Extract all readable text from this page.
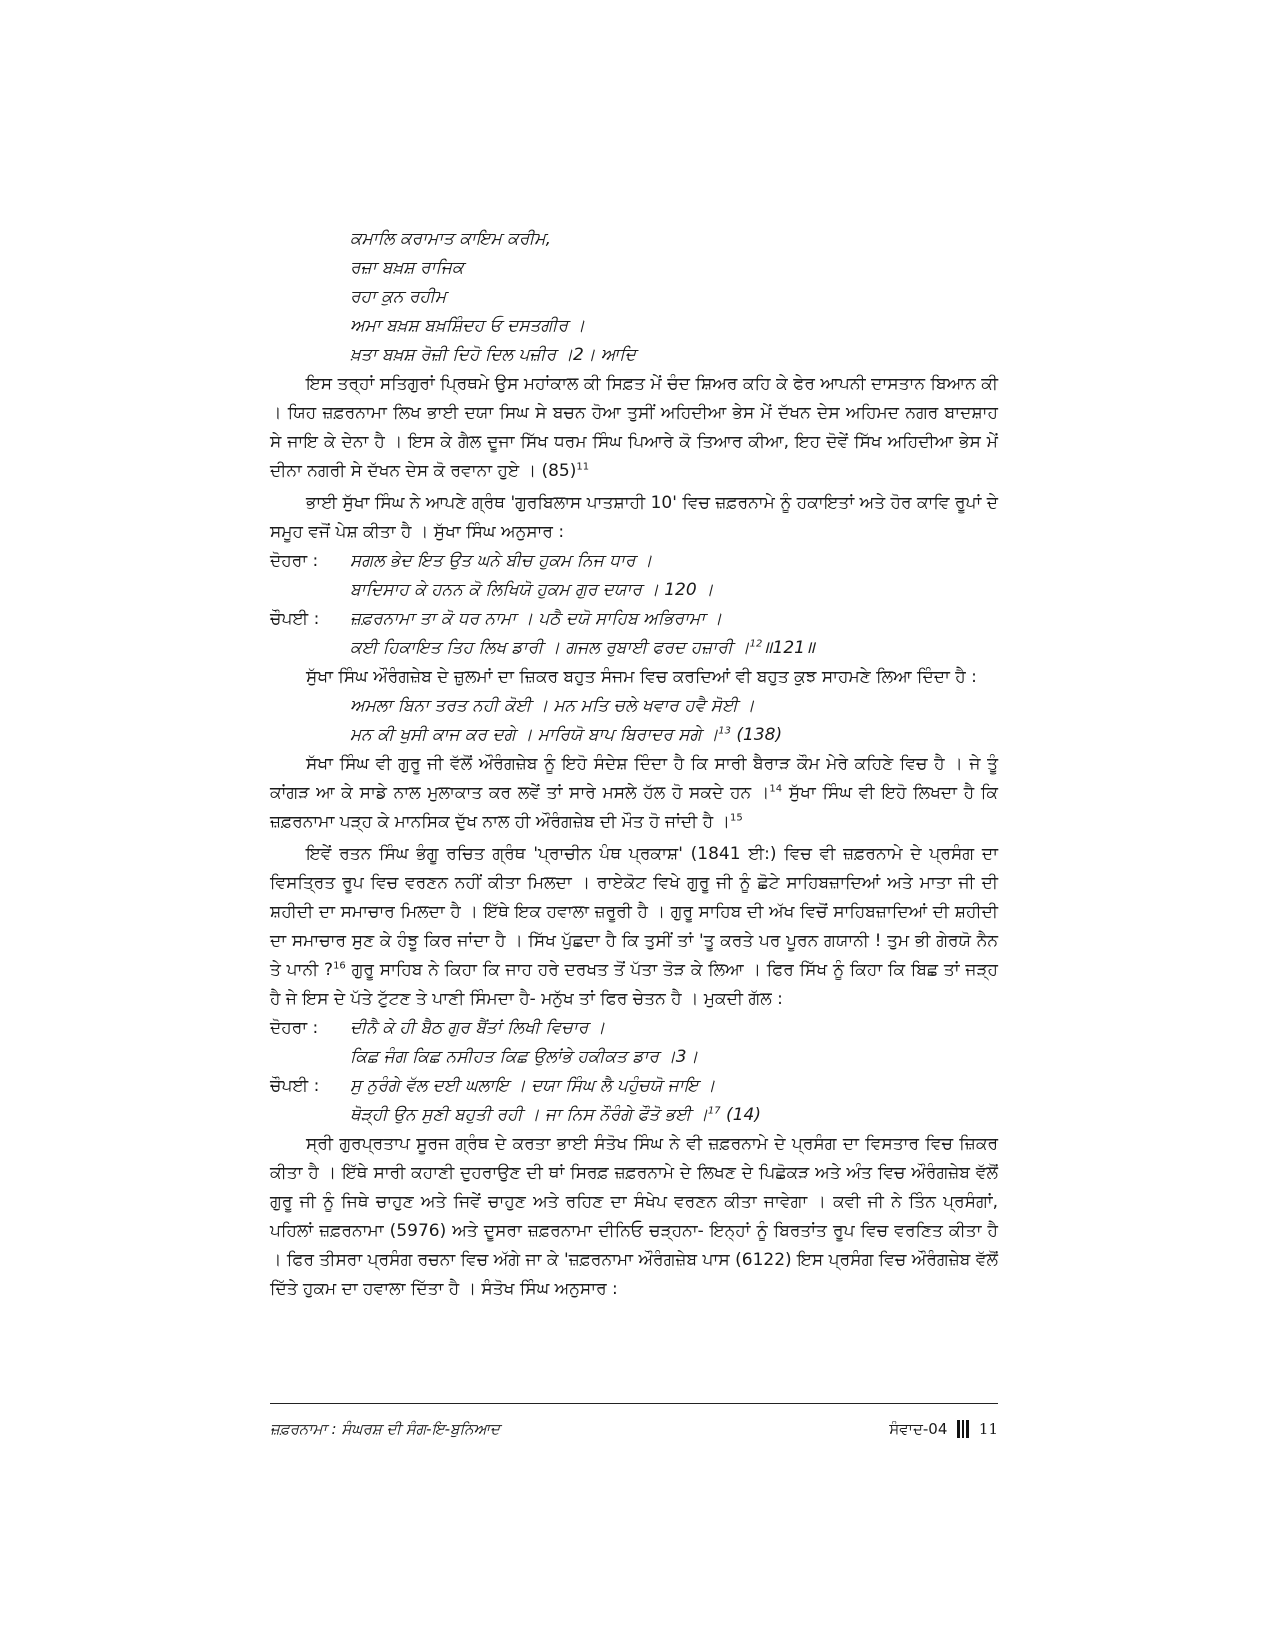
ਕਮਾਲਿ ਕਰਾਮਾਤ ਕਾਇਮ ਕਰੀਮ,
ਰਜ਼ਾ ਬਖ਼ਸ਼ ਰਾਜਿਕ
ਰਹਾ ਕੁਨ ਰਹੀਮ
ਅਮਾ ਬਖ਼ਸ਼ ਬਖ਼ਸ਼ਿੰਦਹ ਓ ਦਸਤਗੀਰ ।
ਖ਼ਤਾ ਬਖ਼ਸ਼ ਰੋਜ਼ੀ ਦਿਹੋ ਦਿਲ ਪਜ਼ੀਰ ।2। ਆਦਿ

ਇਸ ਤਰ੍ਹਾਂ ਸਤਿਗੁਰਾਂ ਪ੍ਰਿਥਮੇ ਉਸ ਮਹਾਂਕਾਲ ਕੀ ਸਿਫ਼ਤ ਮੇਂ ਚੰਦ ਸ਼ਿਅਰ ਕਹਿ ਕੇ ਫੇਰ ਆਪਨੀ ਦਾਸਤਾਨ ਬਿਆਨ ਕੀ । ਯਿਹ ਜ਼ਫ਼ਰਨਾਮਾ ਲਿਖ ਭਾਈ ਦਯਾ ਸਿਘ ਸੇ ਬਚਨ ਹੋਆ ਤੁਸੀਂ ਅਹਿਦੀਆ ਭੇਸ ਮੇਂ ਦੱਖਨ ਦੇਸ ਅਹਿਮਦ ਨਗਰ ਬਾਦਸ਼ਾਹ ਸੇ ਜਾਇ ਕੇ ਦੇਨਾ ਹੈ । ਇਸ ਕੇ ਗੈਲ ਦੂਜਾ ਸਿੱਖ ਧਰਮ ਸਿੰਘ ਪਿਆਰੇ ਕੋ ਤਿਆਰ ਕੀਆ, ਇਹ ਦੋਵੇਂ ਸਿੱਖ ਅਹਿਦੀਆ ਭੇਸ ਮੇਂ ਦੀਨਾ ਨਗਰੀ ਸੇ ਦੱਖਨ ਦੇਸ ਕੋ ਰਵਾਨਾ ਹੁਏ । $(85)^{11}$

ਭਾਈ ਸੁੱਖਾ ਸਿੰਘ ਨੇ ਆਪਣੇ ਗ੍ਰੰਥ 'ਗੁਰਬਿਲਾਸ ਪਾਤਸ਼ਾਹੀ 10' ਵਿਚ ਜ਼ਫ਼ਰਨਾਮੇ ਨੂੰ ਹਕਾਇਤਾਂ ਅਤੇ ਹੋਰ ਕਾਵਿ ਰੂਪਾਂ ਦੇ ਸਮੂਹ ਵਜੋਂ ਪੇਸ਼ ਕੀਤਾ ਹੈ । ਸੁੱਖਾ ਸਿੰਘ ਅਨੁਸਾਰ :

ਦੋਹਰਾ :	ਸਗਲ ਭੇਦ ਇਤ ਉਤ ਘਨੇ ਬੀਚ ਹੁਕਮ ਨਿਜ ਧਾਰ ।
ਬਾਦਿਸਾਹ ਕੇ ਹਨਨ ਕੋ ਲਿਖਿਯੋ ਹੁਕਮ ਗੁਰ ਦਯਾਰ । 120 ।
ਚੌਪਈ :	ਜ਼ਫ਼ਰਨਾਮਾ ਤਾ ਕੋ ਧਰ ਨਾਮਾ । ਪਠੈ ਦਯੋ ਸਾਹਿਬ ਅਭਿਰਾਮਾ ।
ਕਈ ਹਿਕਾਇਤ ਤਿਹ ਲਿਖ ਡਾਰੀ । ਗਜਲ ਰੁਬਾਈ ਫਰਦ ਹਜ਼ਾਰੀ ।$^{12}$॥121॥

ਸੁੱਖਾ ਸਿੰਘ ਔਰੰਗਜ਼ੇਬ ਦੇ ਜ਼ੁਲਮਾਂ ਦਾ ਜ਼ਿਕਰ ਬਹੁਤ ਸੰਜਮ ਵਿਚ ਕਰਦਿਆਂ ਵੀ ਬਹੁਤ ਕੁਝ ਸਾਹਮਣੇ ਲਿਆ ਦਿੰਦਾ ਹੈ :

ਅਮਲਾ ਬਿਨਾ ਤਰਤ ਨਹੀ ਕੋਈ । ਮਨ ਮਤਿ ਚਲੇ ਖਵਾਰ ਹਵੈ ਸੋਈ ।
ਮਨ ਕੀ ਖੁਸੀ ਕਾਜ ਕਰ ਦਗੇ । ਮਾਰਿਯੋ ਬਾਪ ਬਿਰਾਦਰ ਸਗੇ ।$^{13}$ (138)

ਸੱਖਾ ਸਿੰਘ ਵੀ ਗੁਰੂ ਜੀ ਵੱਲੋਂ ਔਰੰਗਜ਼ੇਬ ਨੂੰ ਇਹੋ ਸੰਦੇਸ਼ ਦਿੰਦਾ ਹੈ ਕਿ ਸਾਰੀ ਬੈਰਾੜ ਕੌਮ ਮੇਰੇ ਕਹਿਣੇ ਵਿਚ ਹੈ । ਜੇ ਤੂੰ ਕਾਂਗੜ ਆ ਕੇ ਸਾਡੇ ਨਾਲ ਮੁਲਾਕਾਤ ਕਰ ਲਵੇਂ ਤਾਂ ਸਾਰੇ ਮਸਲੇ ਹੱਲ ਹੋ ਸਕਦੇ ਹਨ ।$^{14}$ ਸੁੱਖਾ ਸਿੰਘ ਵੀ ਇਹੋ ਲਿਖਦਾ ਹੈ ਕਿ ਜ਼ਫ਼ਰਨਾਮਾ ਪੜ੍ਹ ਕੇ ਮਾਨਸਿਕ ਦੁੱਖ ਨਾਲ ਹੀ ਔਰੰਗਜ਼ੇਬ ਦੀ ਮੌਤ ਹੋ ਜਾਂਦੀ ਹੈ ।$^{15}$

ਇਵੇਂ ਰਤਨ ਸਿੰਘ ਭੰਗੂ ਰਚਿਤ ਗ੍ਰੰਥ 'ਪ੍ਰਾਚੀਨ ਪੰਥ ਪ੍ਰਕਾਸ਼' (1841 ਈ:) ਵਿਚ ਵੀ ਜ਼ਫ਼ਰਨਾਮੇ ਦੇ ਪ੍ਰਸੰਗ ਦਾ ਵਿਸਤ੍ਰਿਤ ਰੂਪ ਵਿਚ ਵਰਣਨ ਨਹੀਂ ਕੀਤਾ ਮਿਲਦਾ । ਰਾਏਕੋਟ ਵਿਖੇ ਗੁਰੂ ਜੀ ਨੂੰ ਛੋਟੇ ਸਾਹਿਬਜ਼ਾਦਿਆਂ ਅਤੇ ਮਾਤਾ ਜੀ ਦੀ ਸ਼ਹੀਦੀ ਦਾ ਸਮਾਚਾਰ ਮਿਲਦਾ ਹੈ । ਇੱਥੇ ਇਕ ਹਵਾਲਾ ਜ਼ਰੂਰੀ ਹੈ । ਗੁਰੂ ਸਾਹਿਬ ਦੀ ਅੱਖ ਵਿਚੋਂ ਸਾਹਿਬਜ਼ਾਦਿਆਂ ਦੀ ਸ਼ਹੀਦੀ ਦਾ ਸਮਾਚਾਰ ਸੁਣ ਕੇ ਹੰਝੂ ਕਿਰ ਜਾਂਦਾ ਹੈ । ਸਿੱਖ ਪੁੱਛਦਾ ਹੈ ਕਿ ਤੁਸੀਂ ਤਾਂ 'ਤੂ ਕਰਤੇ ਪਰ ਪੂਰਨ ਗਯਾਨੀ ! ਤੁਮ ਭੀ ਗੇਰਯੋ ਨੈਨ ਤੇ ਪਾਨੀ ?$^{16}$ ਗੁਰੂ ਸਾਹਿਬ ਨੇ ਕਿਹਾ ਕਿ ਜਾਹ ਹਰੇ ਦਰਖਤ ਤੋਂ ਪੱਤਾ ਤੋੜ ਕੇ ਲਿਆ । ਫਿਰ ਸਿੱਖ ਨੂੰ ਕਿਹਾ ਕਿ ਬਿਛ ਤਾਂ ਜੜ੍ਹ ਹੈ ਜੇ ਇਸ ਦੇ ਪੱਤੇ ਟੁੱਟਣ ਤੇ ਪਾਣੀ ਸਿੰਮਦਾ ਹੈ- ਮਨੁੱਖ ਤਾਂ ਫਿਰ ਚੇਤਨ ਹੈ । ਮੁਕਦੀ ਗੱਲ :

ਦੋਹਰਾ :	ਦੀਨੈ ਕੇ ਹੀ ਬੈਠ ਗੁਰ ਬੈਂਤਾਂ ਲਿਖੀ ਵਿਚਾਰ ।
ਕਿਛ ਜੰਗ ਕਿਛ ਨਸੀਹਤ ਕਿਛ ਉਲਾਂਭੇ ਹਕੀਕਤ ਡਾਰ ।3।
ਚੌਪਈ :	ਸੁ ਨੁਰੰਗੇ ਵੱਲ ਦਈ ਘਲਾਇ । ਦਯਾ ਸਿੰਘ ਲੈ ਪਹੁੰਚਯੋ ਜਾਇ ।
ਥੋੜ੍ਹੀ ਉਨ ਸੁਣੀ ਬਹੁਤੀ ਰਹੀ । ਜਾ ਨਿਸ ਨੌਰੰਗੇ ਫੌਤੋ ਭਈ ।$^{17}$ (14)

ਸ੍ਰੀ ਗੁਰਪ੍ਰਤਾਪ ਸੂਰਜ ਗ੍ਰੰਥ ਦੇ ਕਰਤਾ ਭਾਈ ਸੰਤੋਖ ਸਿੰਘ ਨੇ ਵੀ ਜ਼ਫ਼ਰਨਾਮੇ ਦੇ ਪ੍ਰਸੰਗ ਦਾ ਵਿਸਤਾਰ ਵਿਚ ਜ਼ਿਕਰ ਕੀਤਾ ਹੈ । ਇੱਥੇ ਸਾਰੀ ਕਹਾਣੀ ਦੁਹਰਾਉਣ ਦੀ ਥਾਂ ਸਿਰਫ਼ ਜ਼ਫ਼ਰਨਾਮੇ ਦੇ ਲਿਖਣ ਦੇ ਪਿਛੋਕੜ ਅਤੇ ਅੰਤ ਵਿਚ ਔਰੰਗਜ਼ੇਬ ਵੱਲੋਂ ਗੁਰੂ ਜੀ ਨੂੰ ਜਿਥੇ ਚਾਹੁਣ ਅਤੇ ਜਿਵੇਂ ਚਾਹੁਣ ਅਤੇ ਰਹਿਣ ਦਾ ਸੰਖੇਪ ਵਰਣਨ ਕੀਤਾ ਜਾਵੇਗਾ । ਕਵੀ ਜੀ ਨੇ ਤਿੰਨ ਪ੍ਰਸੰਗਾਂ, ਪਹਿਲਾਂ ਜ਼ਫ਼ਰਨਾਮਾ (5976) ਅਤੇ ਦੂਸਰਾ ਜ਼ਫ਼ਰਨਾਮਾ ਦੀਨਿਓ ਚੜ੍ਹਨਾ- ਇਨ੍ਹਾਂ ਨੂੰ ਬਿਰਤਾਂਤ ਰੂਪ ਵਿਚ ਵਰਣਿਤ ਕੀਤਾ ਹੈ । ਫਿਰ ਤੀਸਰਾ ਪ੍ਰਸੰਗ ਰਚਨਾ ਵਿਚ ਅੱਗੇ ਜਾ ਕੇ 'ਜ਼ਫ਼ਰਨਾਮਾ ਔਰੰਗਜ਼ੇਬ ਪਾਸ (6122) ਇਸ ਪ੍ਰਸੰਗ ਵਿਚ ਔਰੰਗਜ਼ੇਬ ਵੱਲੋਂ ਦਿੱਤੇ ਹੁਕਮ ਦਾ ਹਵਾਲਾ ਦਿੱਤਾ ਹੈ । ਸੰਤੋਖ ਸਿੰਘ ਅਨੁਸਾਰ :

ਜ਼ਫ਼ਰਨਾਮਾ : ਸੰਘਰਸ਼ ਦੀ ਸੰਗ-ਇ-ਬੁਨਿਆਦ	ਸੰਵਾਦ-04 11
